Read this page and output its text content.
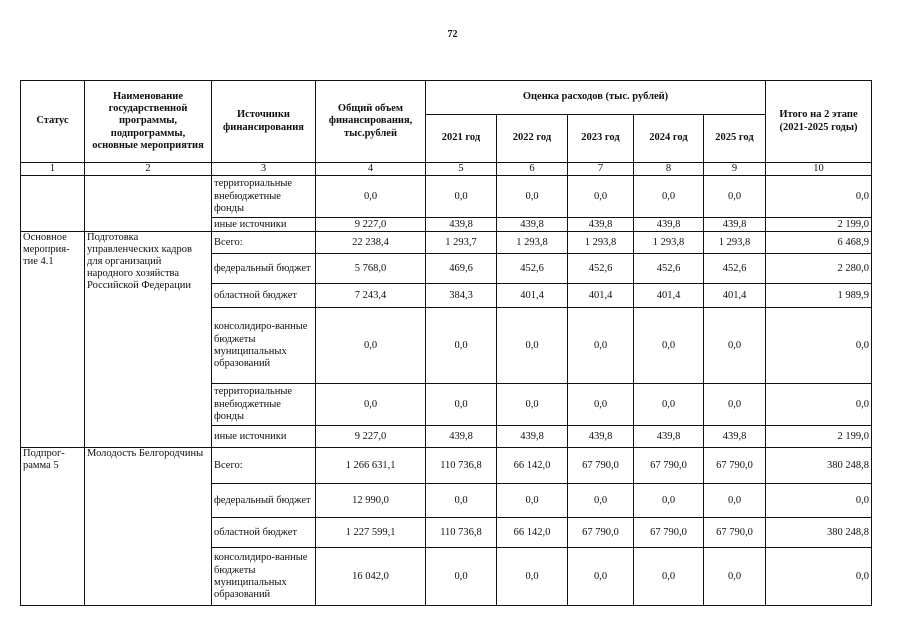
72
Статус	Наименование государственной программы, подпрограммы, основные мероприятия	Источники финансирования	Общий объем финансирования, тыс.рублей	Оценка расходов (тыс. рублей)					Итого на 2 этапе (2021-2025 годы)
				2021 год	2022 год	2023 год	2024 год	2025 год	
1	2	3	4	5	6	7	8	9	10
		территориальные внебюджетные фонды	0,0	0,0	0,0	0,0	0,0	0,0	0,0
		иные источники	9 227,0	439,8	439,8	439,8	439,8	439,8	2 199,0
Основное мероприя-тие 4.1	Подготовка управленческих кадров для организаций народного хозяйства Российской Федерации	Всего:	22 238,4	1 293,7	1 293,8	1 293,8	1 293,8	1 293,8	6 468,9
		федеральный бюджет	5 768,0	469,6	452,6	452,6	452,6	452,6	2 280,0
		областной бюджет	7 243,4	384,3	401,4	401,4	401,4	401,4	1 989,9
		консолидиро-ванные бюджеты муниципальных образований	0,0	0,0	0,0	0,0	0,0	0,0	0,0
		территориальные внебюджетные фонды	0,0	0,0	0,0	0,0	0,0	0,0	0,0
		иные источники	9 227,0	439,8	439,8	439,8	439,8	439,8	2 199,0
Подпрог-рамма 5	Молодость Белгородчины	Всего:	1 266 631,1	110 736,8	66 142,0	67 790,0	67 790,0	67 790,0	380 248,8
		федеральный бюджет	12 990,0	0,0	0,0	0,0	0,0	0,0	0,0
		областной бюджет	1 227 599,1	110 736,8	66 142,0	67 790,0	67 790,0	67 790,0	380 248,8
		консолидиро-ванные бюджеты муниципальных образований	16 042,0	0,0	0,0	0,0	0,0	0,0	0,0
